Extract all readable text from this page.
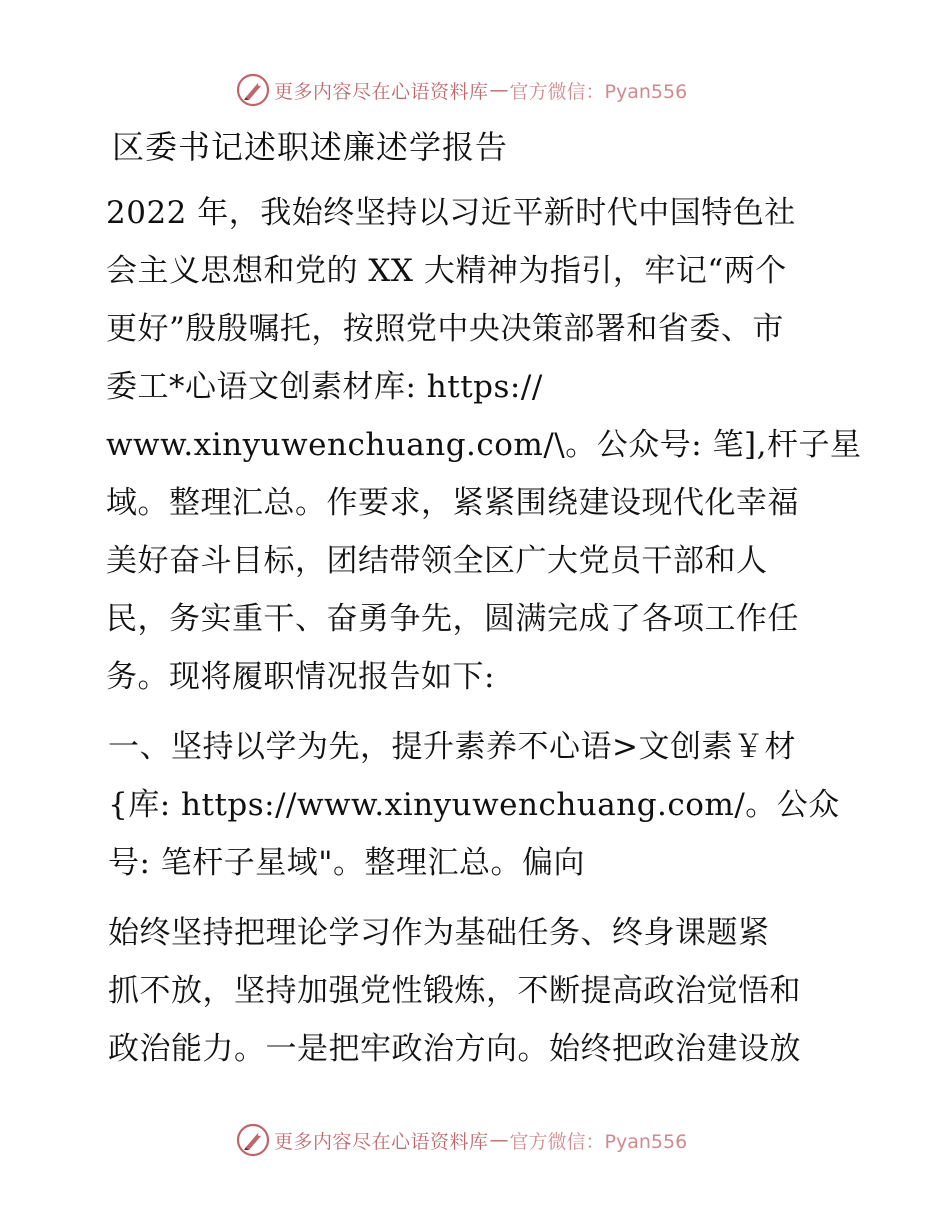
更多内容尽在心语资料库 — 官方微信：Pyan556
区委书记述职述廉述学报告

2022 年，我始终坚持以习近平新时代中国特色社
会主义思想和党的 XX 大精神为指引，牢记“两个
更好”殷殷嘱托，按照党中央决策部署和省委、市
委工*心语文创素材库: https://
www.xinyuwenchuang.com/\。公众号: 笔],杆子星
域。整理汇总。作要求，紧紧围绕建设现代化幸福
美好奋斗目标，团结带领全区广大党员干部和人
民，务实重干、奋勇争先，圆满完成了各项工作任
务。现将履职情况报告如下:

一、坚持以学为先，提升素养不心语>文创素￥材
{库: https://www.xinyuwenchuang.com/。公众
号: 笔杆子星域"。整理汇总。偏向

始终坚持把理论学习作为基础任务、终身课题紧
抓不放，坚持加强党性锻炼，不断提高政治觉悟和
政治能力。一是把牢政治方向。始终把政治建设放

更多内容尽在心语资料库 — 官方微信：Pyan556
